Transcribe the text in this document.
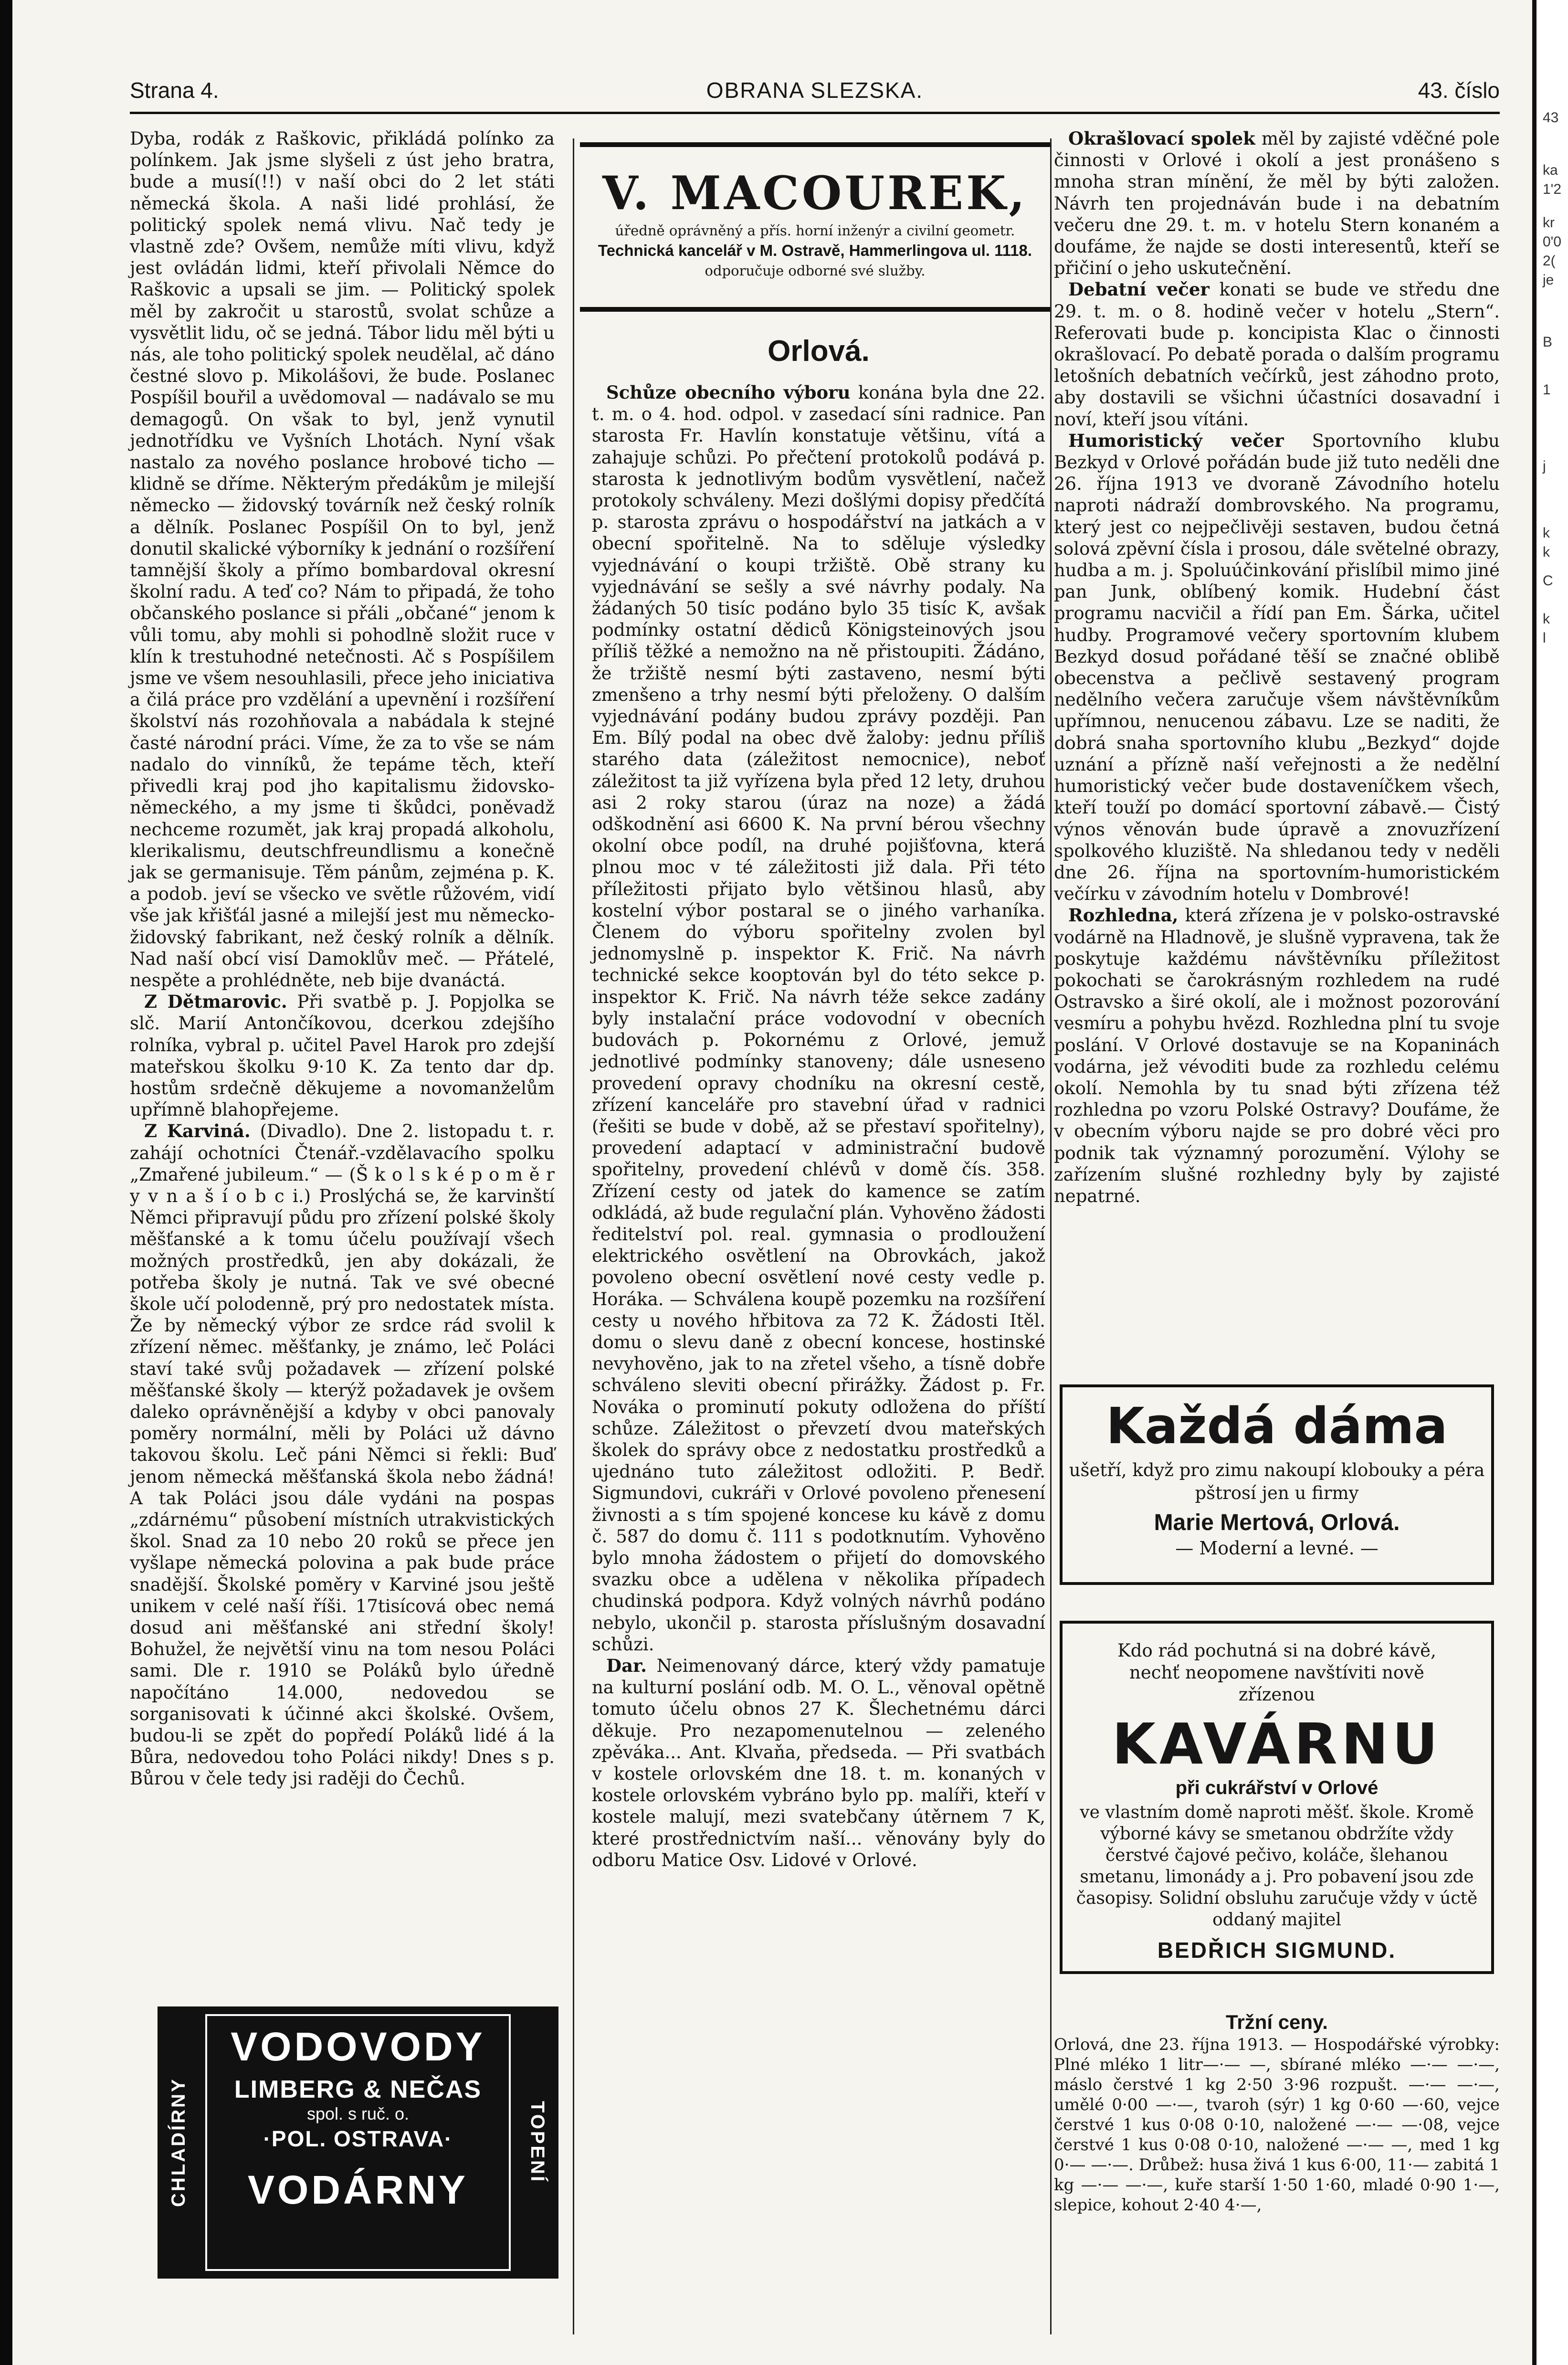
43
ka
1'2
kr
0'0
2(
je
B
1
j
k
k
C
k
l
OBRANA SLEZSKA.
Strana 4.	43. číslo

Dyba, rodák z Raškovic, přikládá polínko za polínkem. Jak jsme slyšeli z úst jeho bratra, bude a musí(!!) v naší obci do 2 let státi německá škola. A naši lidé prohlásí, že politický spolek nemá vlivu. Nač tedy je vlastně zde? Ovšem, nemůže míti vlivu, když jest ovládán lidmi, kteří přivolali Němce do Raškovic a upsali se jim. — Politický spolek měl by zakročit u starostů, svolat schůze a vysvětlit lidu, oč se jedná. Tábor lidu měl býti u nás, ale toho politický spolek neudělal, ač dáno čestné slovo p. Mikolášovi, že bude. Poslanec Pospíšil bouřil a uvědomoval — nadávalo se mu demagogů. On však to byl, jenž vynutil jednotřídku ve Vyšních Lhotách. Nyní však nastalo za nového poslance hrobové ticho — klidně se dříme. Některým předákům je milejší německo — židovský továrník než český rolník a dělník. Poslanec Pospíšil On to byl, jenž donutil skalické výborníky k jednání o rozšíření tamnější školy a přímo bombardoval okresní školní radu. A teď co? Nám to připadá, že toho občanského poslance si přáli „občané“ jenom k vůli tomu, aby mohli si pohodlně složit ruce v klín k trestuhodné netečnosti. Ač s Pospíšilem jsme ve všem nesouhlasili, přece jeho iniciativa a čilá práce pro vzdělání a upevnění i rozšíření školství nás rozohňovala a nabádala k stejné časté národní práci. Víme, že za to vše se nám nadalo do vinníků, že tepáme těch, kteří přivedli kraj pod jho kapitalismu židovsko-německého, a my jsme ti škůdci, poněvadž nechceme rozumět, jak kraj propadá alkoholu, klerikalismu, deutschfreundlismu a konečně jak se germanisuje. Těm pánům, zejména p. K. a podob. jeví se všecko ve světle růžovém, vidí vše jak křišťál jasné a milejší jest mu německo-židovský fabrikant, než český rolník a dělník. Nad naší obcí visí Damoklův meč. — Přátelé, nespěte a prohlédněte, neb bije dvanáctá.

Z Dětmarovic. Při svatbě p. J. Popjolka se slč. Marií Antončíkovou, dcerkou zdejšího rolníka, vybral p. učitel Pavel Harok pro zdejší mateřskou školku 9·10 K. Za tento dar dp. hostům srdečně děkujeme a novomanželům upřímně blahopřejeme.

Z Karviná. (Divadlo). Dne 2. listopadu t. r. zahájí ochotníci Čtenář.-vzdělavacího spolku „Zmařené jubileum.“ — (Š k o l s k é p o m ě r y v n a š í o b c i.) Proslýchá se, že karvinští Němci připravují půdu pro zřízení polské školy měšťanské a k tomu účelu používají všech možných prostředků, jen aby dokázali, že potřeba školy je nutná. Tak ve své obecné škole učí polodenně, prý pro nedostatek místa. Že by německý výbor ze srdce rád svolil k zřízení němec. měšťanky, je známo, leč Poláci staví také svůj požadavek — zřízení polské měšťanské školy — kterýž požadavek je ovšem daleko oprávněnější a kdyby v obci panovaly poměry normální, měli by Poláci už dávno takovou školu. Leč páni Němci si řekli: Buď jenom německá měšťanská škola nebo žádná! A tak Poláci jsou dále vydáni na pospas „zdárnému“ působení místních utrakvistických škol. Snad za 10 nebo 20 roků se přece jen vyšlape německá polovina a pak bude práce snadější. Školské poměry v Karviné jsou ještě unikem v celé naší říši. 17tisícová obec nemá dosud ani měšťanské ani střední školy! Bohužel, že největší vinu na tom nesou Poláci sami. Dle r. 1910 se Poláků bylo úředně napočítáno 14.000, nedovedou se sorganisovati k účinné akci školské. Ovšem, budou-li se zpět do popředí Poláků lidé á la Bůra, nedovedou toho Poláci nikdy! Dnes s p. Bůrou v čele tedy jsi raději do Čechů.

CHLADÍRNY	TOPENÍ
VODOVODY
LIMBERG & NEČAS
spol. s ruč. o.
·POL. OSTRAVA·
VODÁRNY
V. MACOUREK,
úředně oprávněný a přís. horní inženýr a civilní geometr.
Technická kancelář v M. Ostravě, Hammerlingova ul. 1118.
odporučuje odborné své služby.
Orlová.

Schůze obecního výboru konána byla dne 22. t. m. o 4. hod. odpol. v zasedací síni radnice. Pan starosta Fr. Havlín konstatuje většinu, vítá a zahajuje schůzi. Po přečtení protokolů podává p. starosta k jednotlivým bodům vysvětlení, načež protokoly schváleny. Mezi došlými dopisy předčítá p. starosta zprávu o hospodářství na jatkách a v obecní spořitelně. Na to sděluje výsledky vyjednávání o koupi tržiště. Obě strany ku vyjednávání se sešly a své návrhy podaly. Na žádaných 50 tisíc podáno bylo 35 tisíc K, avšak podmínky ostatní dědiců Königsteinových jsou příliš těžké a nemožno na ně přistoupiti. Žádáno, že tržiště nesmí býti zastaveno, nesmí býti zmenšeno a trhy nesmí býti přeloženy. O dalším vyjednávání podány budou zprávy později. Pan Em. Bílý podal na obec dvě žaloby: jednu příliš starého data (záležitost nemocnice), neboť záležitost ta již vyřízena byla před 12 lety, druhou asi 2 roky starou (úraz na noze) a žádá odškodnění asi 6600 K. Na první bérou všechny okolní obce podíl, na druhé pojišťovna, která plnou moc v té záležitosti již dala. Při této příležitosti přijato bylo většinou hlasů, aby kostelní výbor postaral se o jiného varhaníka. Členem do výboru spořitelny zvolen byl jednomyslně p. inspektor K. Frič. Na návrh technické sekce kooptován byl do této sekce p. inspektor K. Frič. Na návrh téže sekce zadány byly instalační práce vodovodní v obecních budovách p. Pokornému z Orlové, jemuž jednotlivé podmínky stanoveny; dále usneseno provedení opravy chodníku na okresní cestě, zřízení kanceláře pro stavební úřad v radnici (řešiti se bude v době, až se přestaví spořitelny), provedení adaptací v administrační budově spořitelny, provedení chlévů v domě čís. 358. Zřízení cesty od jatek do kamence se zatím odkládá, až bude regulační plán. Vyhověno žádosti ředitelství pol. real. gymnasia o prodloužení elektrického osvětlení na Obrovkách, jakož povoleno obecní osvětlení nové cesty vedle p. Horáka. — Schválena koupě pozemku na rozšíření cesty u nového hřbitova za 72 K. Žádosti Itěl. domu o slevu daně z obecní koncese, hostinské nevyhověno, jak to na zřetel všeho, a tísně dobře schváleno sleviti obecní přirážky. Žádost p. Fr. Nováka o prominutí pokuty odložena do příští schůze. Záležitost o převzetí dvou mateřských školek do správy obce z nedostatku prostředků a ujednáno tuto záležitost odložiti. P. Bedř. Sigmundovi, cukráři v Orlové povoleno přenesení živnosti a s tím spojené koncese ku kávě z domu č. 587 do domu č. 111 s podotknutím. Vyhověno bylo mnoha žádostem o přijetí do domovského svazku obce a udělena v několika případech chudinská podpora. Když volných návrhů podáno nebylo, ukončil p. starosta příslušným dosavadní schůzi.

Dar. Neimenovaný dárce, který vždy pamatuje na kulturní poslání odb. M. O. L., věnoval opětně tomuto účelu obnos 27 K. Šlechetnému dárci děkuje. Pro nezapomenutelnou — zeleného zpěváka... Ant. Klvaňa, předseda. — Při svatbách v kostele orlovském dne 18. t. m. konaných v kostele orlovském vybráno bylo pp. malíři, kteří v kostele malují, mezi svatebčany útěrnem 7 K, které prostřednictvím naší... věnovány byly do odboru Matice Osv. Lidové v Orlové.

Okrašlovací spolek měl by zajisté vděčné pole činnosti v Orlové i okolí a jest pronášeno s mnoha stran mínění, že měl by býti založen. Návrh ten projednáván bude i na debatním večeru dne 29. t. m. v hotelu Stern konaném a doufáme, že najde se dosti interesentů, kteří se přičiní o jeho uskutečnění.

Debatní večer konati se bude ve středu dne 29. t. m. o 8. hodině večer v hotelu „Stern“. Referovati bude p. koncipista Klac o činnosti okrašlovací. Po debatě porada o dalším programu letošních debatních večírků, jest záhodno proto, aby dostavili se všichni účastníci dosavadní i noví, kteří jsou vítáni.

Humoristický večer Sportovního klubu Bezkyd v Orlové pořádán bude již tuto neděli dne 26. října 1913 ve dvoraně Závodního hotelu naproti nádraží dombrovského. Na programu, který jest co nejpečlivěji sestaven, budou četná solová zpěvní čísla i prosou, dále světelné obrazy, hudba a m. j. Spoluúčinkování přislíbil mimo jiné pan Junk, oblíbený komik. Hudební část programu nacvičil a řídí pan Em. Šárka, učitel hudby. Programové večery sportovním klubem Bezkyd dosud pořádané těší se značné oblibě obecenstva a pečlivě sestavený program nedělního večera zaručuje všem návštěvníkům upřímnou, nenucenou zábavu. Lze se naditi, že dobrá snaha sportovního klubu „Bezkyd“ dojde uznání a přízně naší veřejnosti a že nedělní humoristický večer bude dostaveníčkem všech, kteří touží po domácí sportovní zábavě.— Čistý výnos věnován bude úpravě a znovuzřízení spolkového kluziště. Na shledanou tedy v neděli dne 26. října na sportovním-humoristickém večírku v závodním hotelu v Dombrové!

Rozhledna, která zřízena je v polsko-ostravské vodárně na Hladnově, je slušně vypravena, tak že poskytuje každému návštěvníku příležitost pokochati se čarokrásným rozhledem na rudé Ostravsko a širé okolí, ale i možnost pozorování vesmíru a pohybu hvězd. Rozhledna plní tu svoje poslání. V Orlové dostavuje se na Kopaninách vodárna, jež vévoditi bude za rozhledu celému okolí. Nemohla by tu snad býti zřízena též rozhledna po vzoru Polské Ostravy? Doufáme, že v obecním výboru najde se pro dobré věci pro podnik tak významný porozumění. Výlohy se zařízením slušné rozhledny byly by zajisté nepatrné.

Každá dáma
ušetří, když pro zimu nakoupí klobouky a péra pštrosí jen u firmy
Marie Mertová, Orlová.
— Moderní a levné. —
Kdo rád pochutná si na dobré kávě,
nechť neopomene navštíviti nově
zřízenou
KAVÁRNU
při cukrářství v Orlové
ve vlastním domě naproti měšť. škole. Kromě výborné kávy se smetanou obdržíte vždy čerstvé čajové pečivo, koláče, šlehanou smetanu, limonády a j. Pro pobavení jsou zde časopisy. Solidní obsluhu zaručuje vždy v úctě oddaný majitel
BEDŘICH SIGMUND.
Tržní ceny.
Orlová, dne 23. října 1913. — Hospodářské výrobky: Plné mléko 1 litr—·— —, sbírané mléko —·— —·—, máslo čerstvé 1 kg 2·50 3·96 rozpušt. —·— —·—, umělé 0·00 —·—, tvaroh (sýr) 1 kg 0·60 —·60, vejce čerstvé 1 kus 0·08 0·10, naložené —·— —·08, vejce čerstvé 1 kus 0·08 0·10, naložené —·— —, med 1 kg 0·— —·—. Drůbež: husa živá 1 kus 6·00, 11·— zabitá 1 kg —·— —·—, kuře starší 1·50 1·60, mladé 0·90 1·—, slepice, kohout 2·40 4·—,
